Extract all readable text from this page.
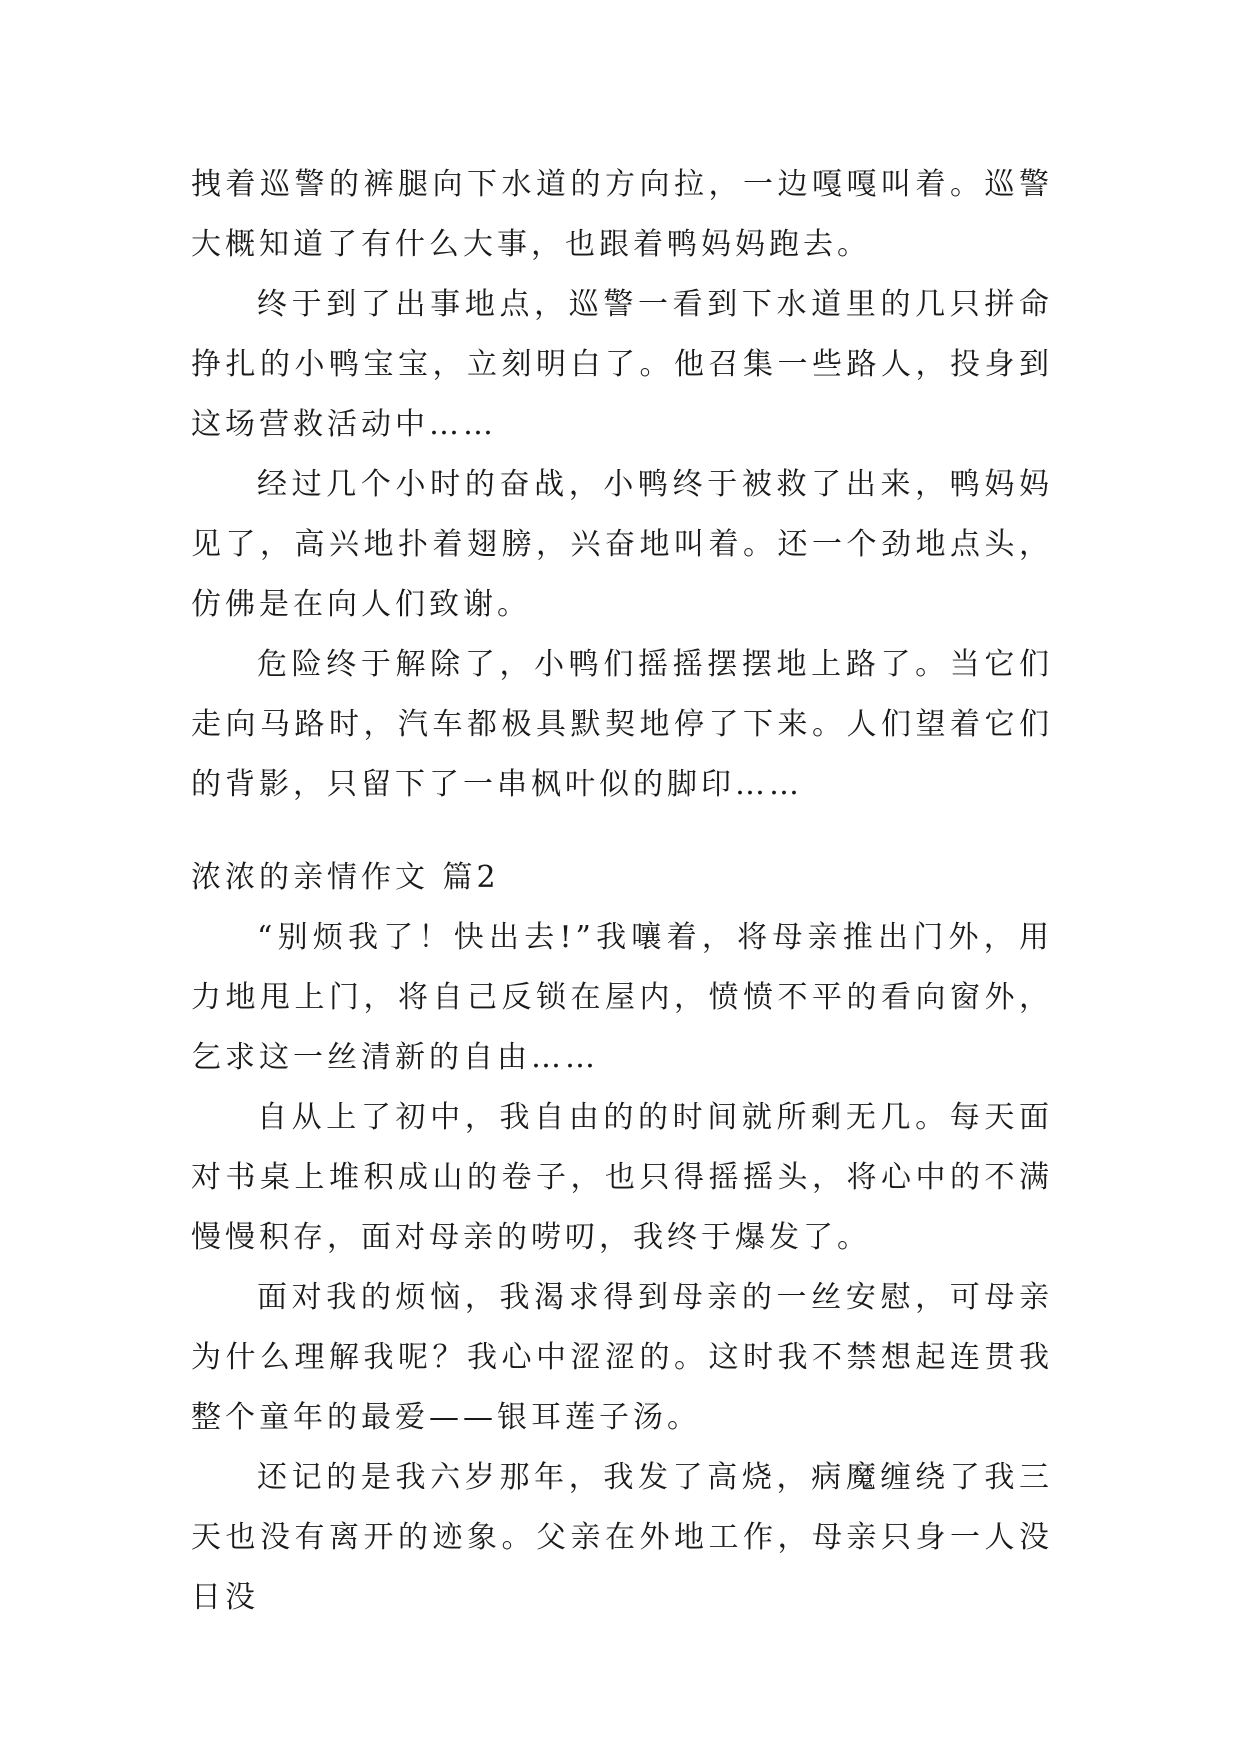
拽着巡警的裤腿向下水道的方向拉，一边嘎嘎叫着。巡警大概知道了有什么大事，也跟着鸭妈妈跑去。

终于到了出事地点，巡警一看到下水道里的几只拼命挣扎的小鸭宝宝，立刻明白了。他召集一些路人，投身到这场营救活动中……

经过几个小时的奋战，小鸭终于被救了出来，鸭妈妈见了，高兴地扑着翅膀，兴奋地叫着。还一个劲地点头，仿佛是在向人们致谢。

危险终于解除了，小鸭们摇摇摆摆地上路了。当它们走向马路时，汽车都极具默契地停了下来。人们望着它们的背影，只留下了一串枫叶似的脚印……

浓浓的亲情作文 篇2

“别烦我了！快出去!”我嚷着，将母亲推出门外，用力地甩上门，将自己反锁在屋内，愤愤不平的看向窗外，乞求这一丝清新的自由……

自从上了初中，我自由的的时间就所剩无几。每天面对书桌上堆积成山的卷子，也只得摇摇头，将心中的不满慢慢积存，面对母亲的唠叨，我终于爆发了。

面对我的烦恼，我渴求得到母亲的一丝安慰，可母亲为什么理解我呢？我心中涩涩的。这时我不禁想起连贯我整个童年的最爱——银耳莲子汤。

还记的是我六岁那年，我发了高烧，病魔缠绕了我三天也没有离开的迹象。父亲在外地工作，母亲只身一人没日没
